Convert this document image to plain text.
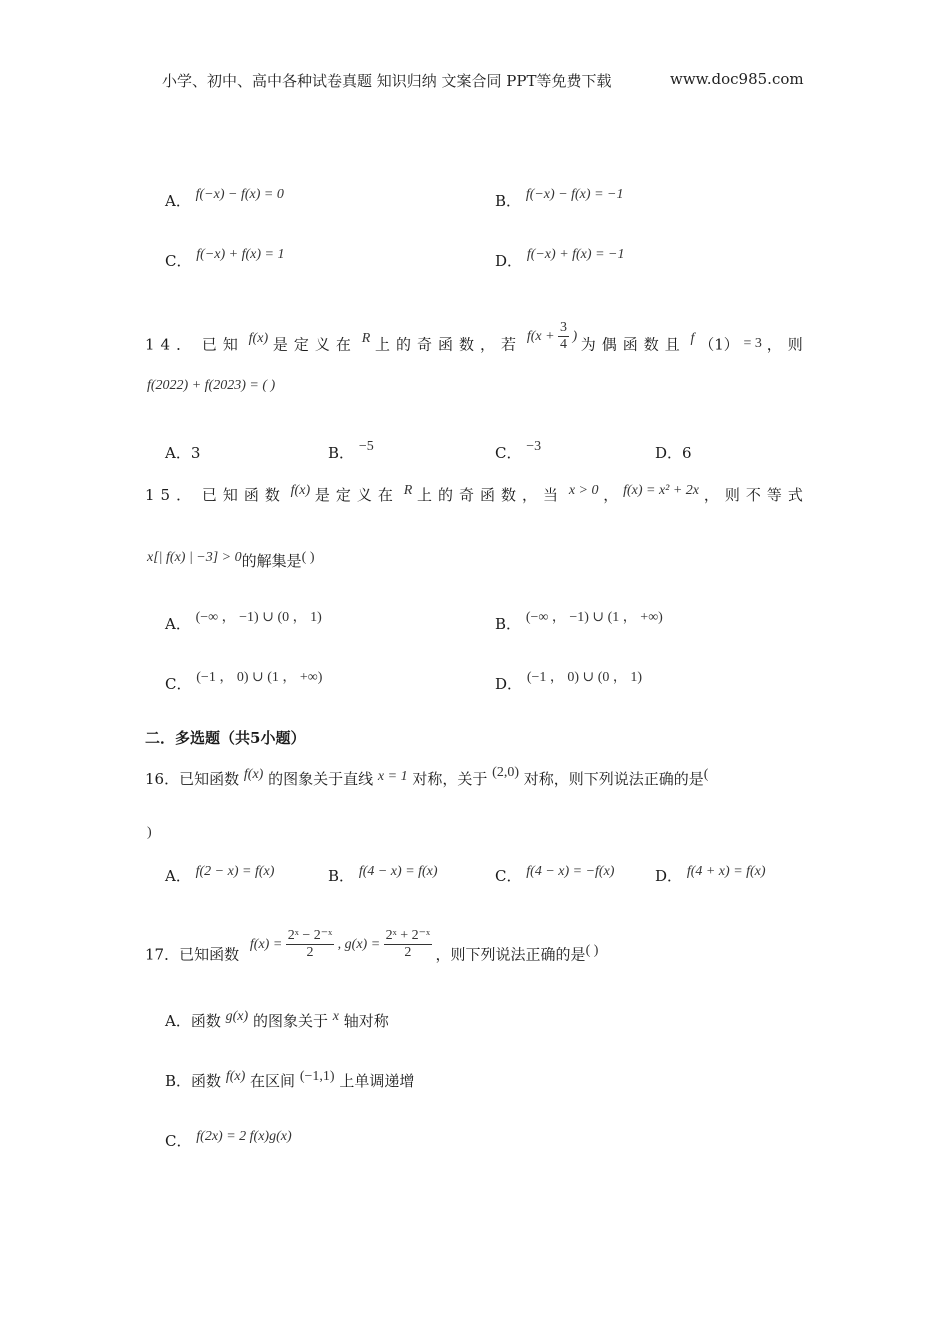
小学、初中、高中各种试卷真题 知识归纳 文案合同 PPT等免费下载	www.doc985.com
A． f(−x) − f(x) = 0	B． f(−x) − f(x) = −1
C． f(−x) + f(x) = 1	D． f(−x) + f(x) = −1
14． 已知 f(x) 是定义在 R 上的奇函数，若 $f(x + \frac{3}{4}$ ) 为偶函数且 f （1） = 3 ，则
f(2022) + f(2023) = ( )
A．3	B． −5	C． −3	D．6
15． 已知函数 f(x) 是定义在 R 上的奇函数，当 x > 0 ， f(x) = x² + 2x ，则不等式
x[| f(x) | −3] > 0的解集是( )
A． (−∞ ， −1) ∪ (0 ， 1)	B． (−∞ ， −1) ∪ (1 ， +∞)
C． (−1 ， 0) ∪ (1 ， +∞)	D． (−1 ， 0) ∪ (0 ， 1)
二．多选题（共5小题）
16．已知函数 f(x) 的图象关于直线 x = 1 对称，关于 (2,0) 对称，则下列说法正确的是(
)
A． f(2 − x) = f(x)	B． f(4 − x) = f(x)	C． f(4 − x) = −f(x)	D． f(4 + x) = f(x)
17．已知函数 $f(x) = \frac{\text{2ˣ − 2⁻ˣ}}{2}$ , $g(x) = \frac{\text{2ˣ + 2⁻ˣ}}{2}$ ，则下列说法正确的是( )
A．函数 g(x) 的图象关于 x 轴对称
B．函数 f(x) 在区间 (−1,1) 上单调递增
C． f(2x) = 2 f(x)g(x)
